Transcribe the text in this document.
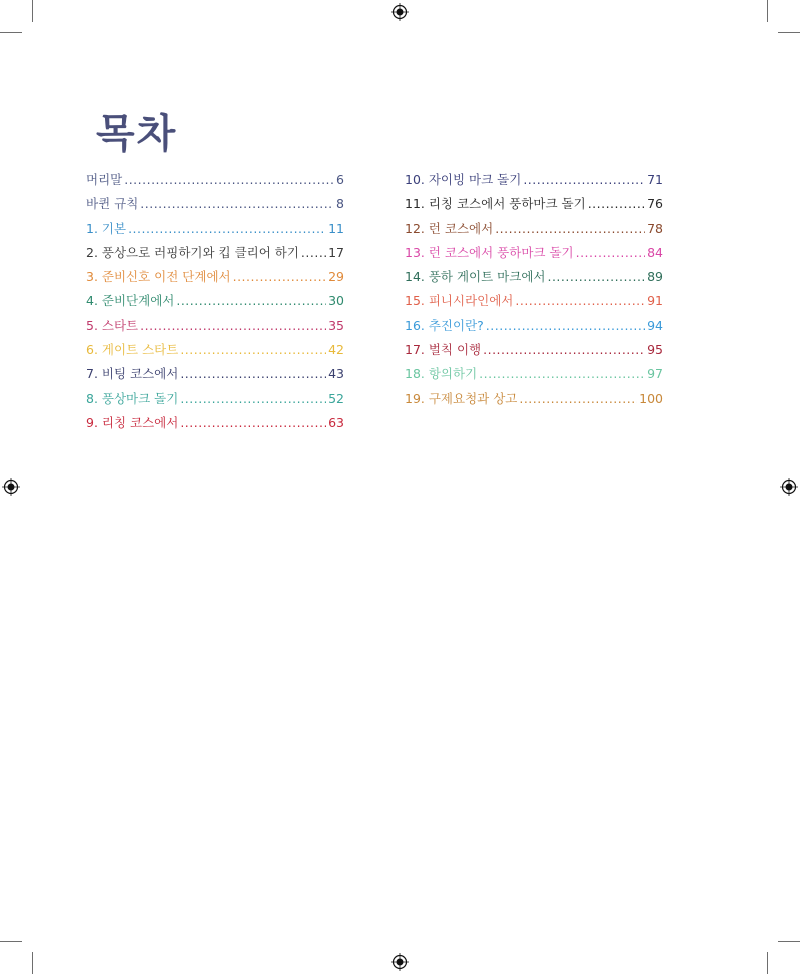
목차
머리말 .....	6
바퀸 규칙 .....	8
1. 기본 .....	11
2. 풍상으로 러핑하기와 킵 클리어 하기 ..... 17
3. 준비신호 이전 단계에서 .....	29
4. 준비단계에서 .....	30
5. 스타트 .....	35
6. 게이트 스타트 .....	42
7. 비팅 코스에서 .....	43
8. 풍상마크 돌기 .....	52
9. 리칭 코스에서 .....	63
10. 자이빙 마크 돌기 .....	71
11. 리칭 코스에서 풍하마크 돌기 .....	76
12. 런 코스에서 .....	78
13. 런 코스에서 풍하마크 돌기 .....	84
14. 풍하 게이트 마크에서 .....	89
15. 피니시라인에서 .....	91
16. 추진이란? .....	94
17. 벌칙 이행 .....	95
18. 항의하기 .....	97
19. 구제요청과 상고 .....	100
